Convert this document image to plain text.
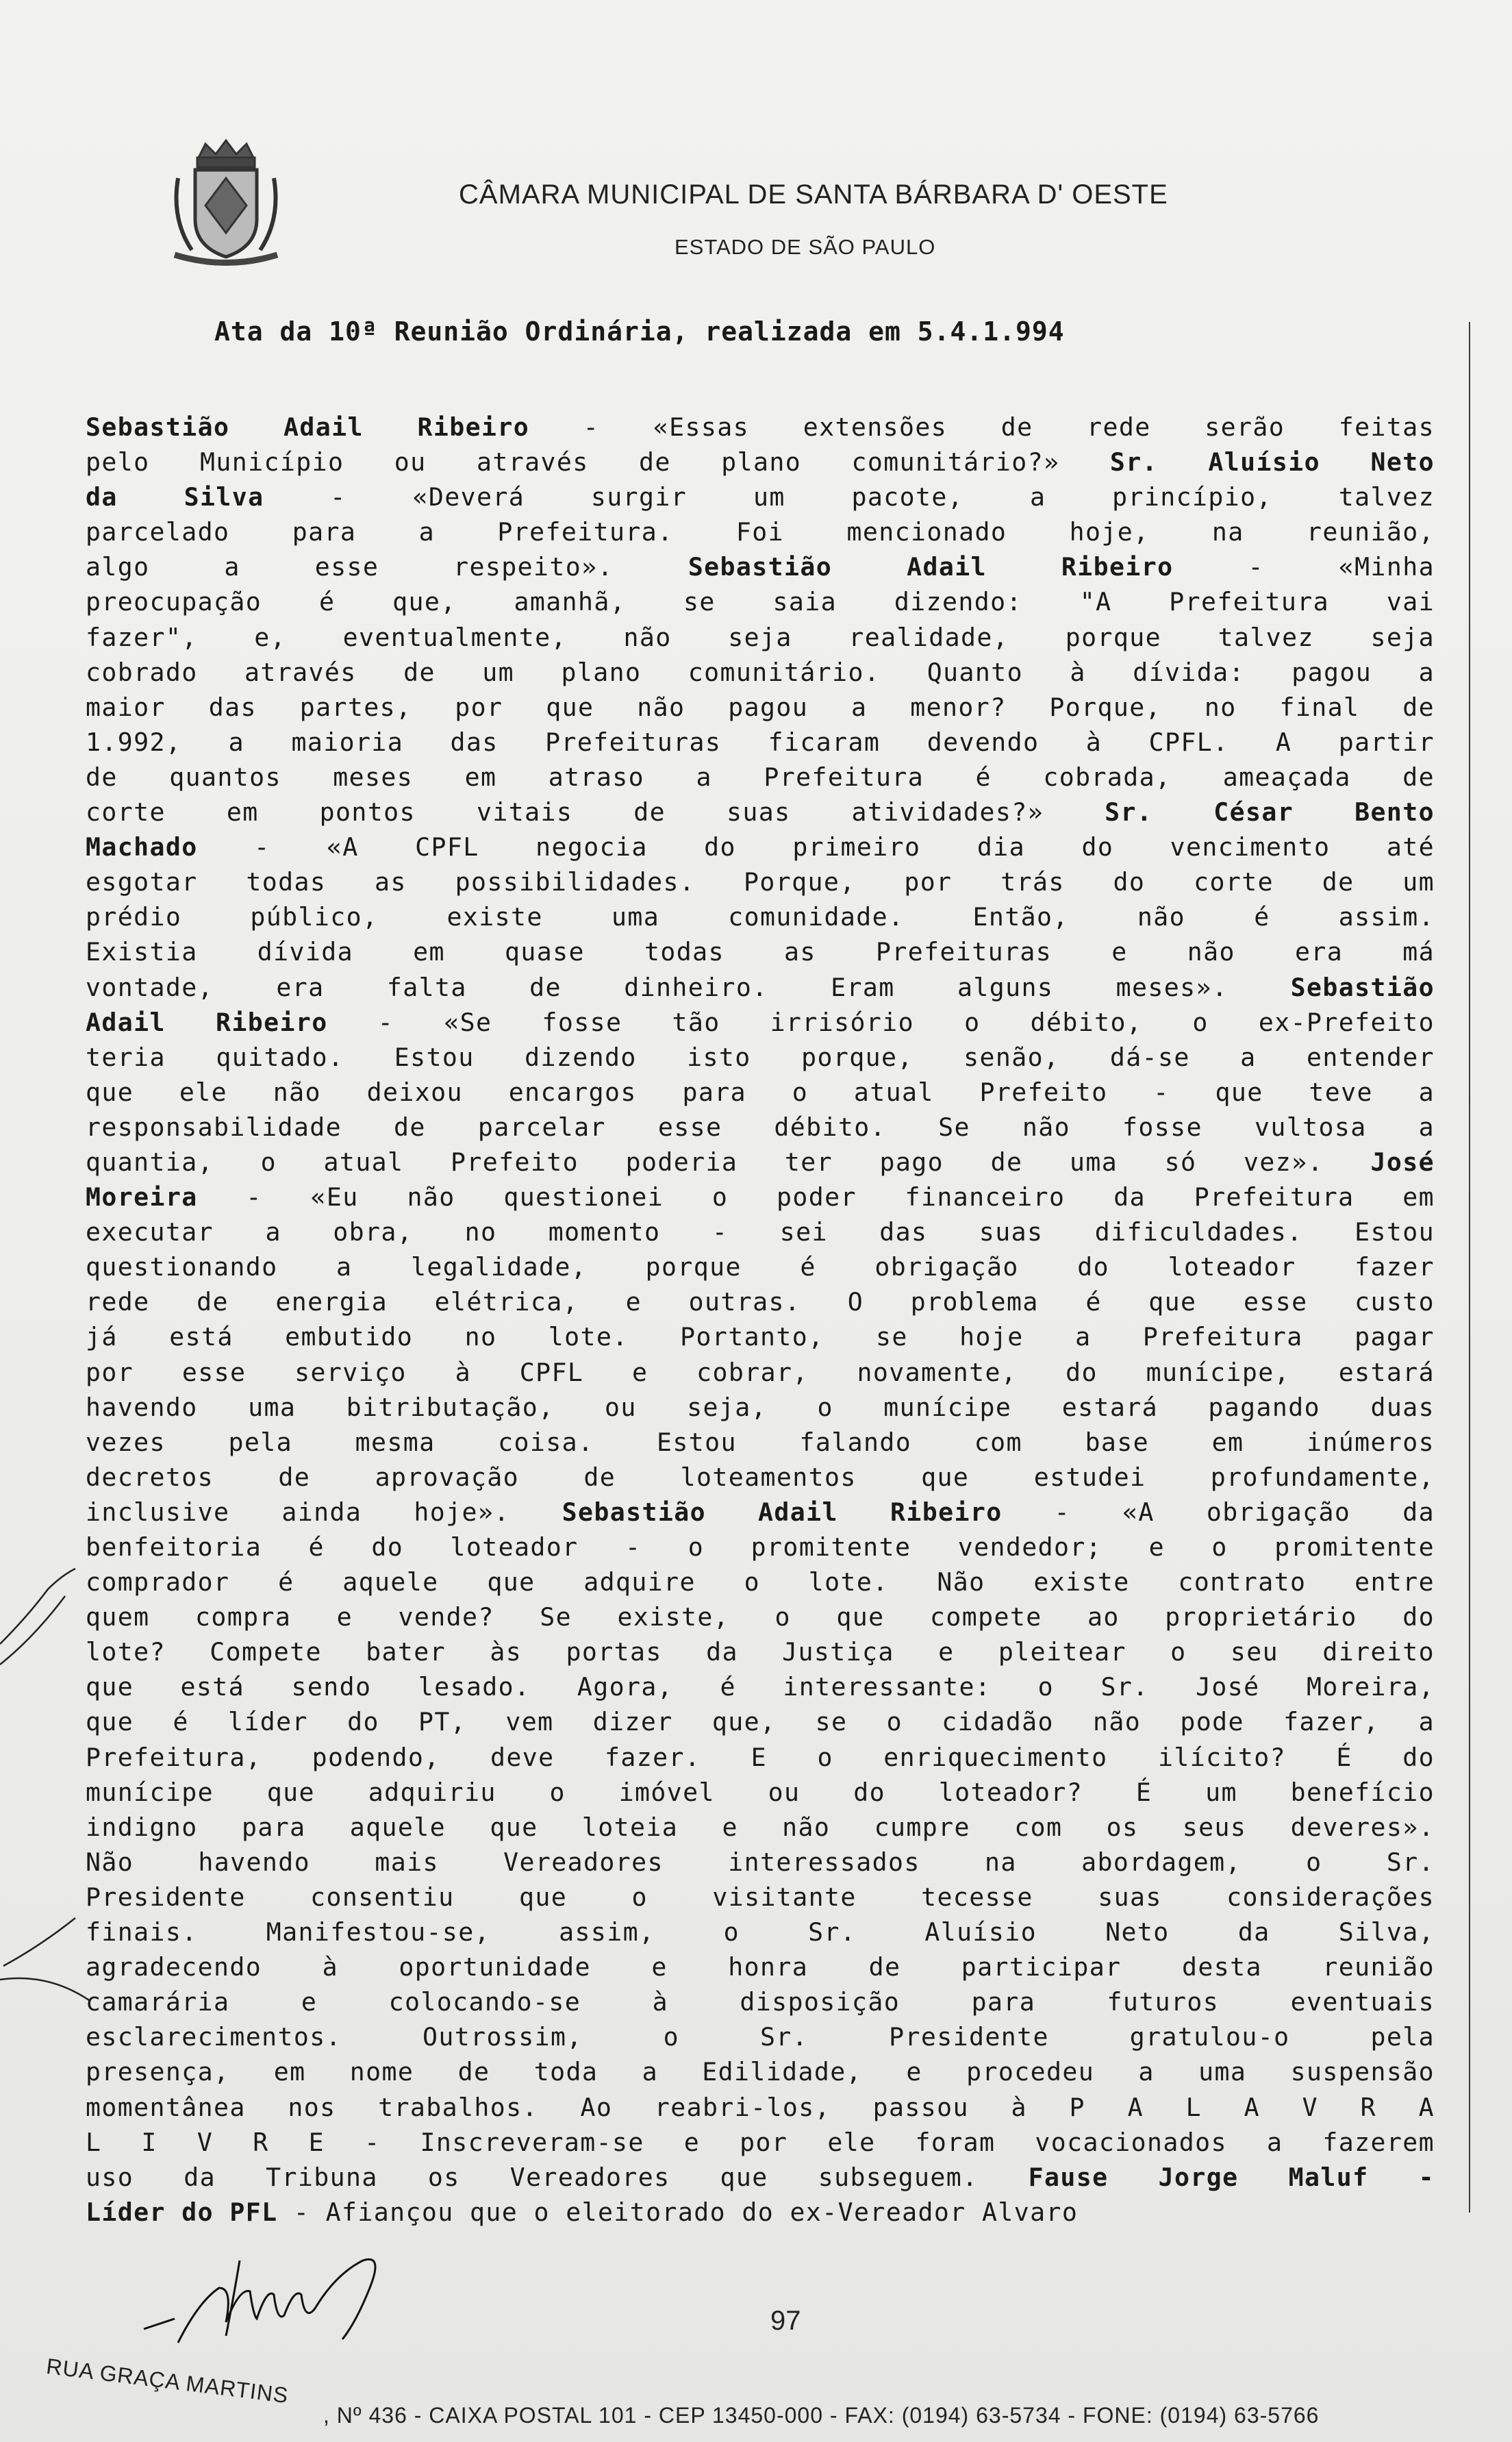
CÂMARA MUNICIPAL DE SANTA BÁRBARA D' OESTE
ESTADO DE SÃO PAULO
Ata da 10ª Reunião Ordinária, realizada em 5.4.1.994
Sebastião Adail Ribeiro - «Essas extensões de rede serão feitas
pelo Município ou através de plano comunitário?» Sr. Aluísio Neto
da Silva - «Deverá surgir um pacote, a princípio, talvez
parcelado para a Prefeitura. Foi mencionado hoje, na reunião,
algo a esse respeito». Sebastião Adail Ribeiro - «Minha
preocupação é que, amanhã, se saia dizendo: "A Prefeitura vai
fazer", e, eventualmente, não seja realidade, porque talvez seja
cobrado através de um plano comunitário. Quanto à dívida: pagou a
maior das partes, por que não pagou a menor? Porque, no final de
1.992, a maioria das Prefeituras ficaram devendo à CPFL. A partir
de quantos meses em atraso a Prefeitura é cobrada, ameaçada de
corte em pontos vitais de suas atividades?» Sr. César Bento
Machado - «A CPFL negocia do primeiro dia do vencimento até
esgotar todas as possibilidades. Porque, por trás do corte de um
prédio público, existe uma comunidade. Então, não é assim.
Existia dívida em quase todas as Prefeituras e não era má
vontade, era falta de dinheiro. Eram alguns meses». Sebastião
Adail Ribeiro - «Se fosse tão irrisório o débito, o ex-Prefeito
teria quitado. Estou dizendo isto porque, senão, dá-se a entender
que ele não deixou encargos para o atual Prefeito - que teve a
responsabilidade de parcelar esse débito. Se não fosse vultosa a
quantia, o atual Prefeito poderia ter pago de uma só vez». José
Moreira - «Eu não questionei o poder financeiro da Prefeitura em
executar a obra, no momento - sei das suas dificuldades. Estou
questionando a legalidade, porque é obrigação do loteador fazer
rede de energia elétrica, e outras. O problema é que esse custo
já está embutido no lote. Portanto, se hoje a Prefeitura pagar
por esse serviço à CPFL e cobrar, novamente, do munícipe, estará
havendo uma bitributação, ou seja, o munícipe estará pagando duas
vezes pela mesma coisa. Estou falando com base em inúmeros
decretos de aprovação de loteamentos que estudei profundamente,
inclusive ainda hoje». Sebastião Adail Ribeiro - «A obrigação da
benfeitoria é do loteador - o promitente vendedor; e o promitente
comprador é aquele que adquire o lote. Não existe contrato entre
quem compra e vende? Se existe, o que compete ao proprietário do
lote? Compete bater às portas da Justiça e pleitear o seu direito
que está sendo lesado. Agora, é interessante: o Sr. José Moreira,
que é líder do PT, vem dizer que, se o cidadão não pode fazer, a
Prefeitura, podendo, deve fazer. E o enriquecimento ilícito? É do
munícipe que adquiriu o imóvel ou do loteador? É um benefício
indigno para aquele que loteia e não cumpre com os seus deveres».
Não havendo mais Vereadores interessados na abordagem, o Sr.
Presidente consentiu que o visitante tecesse suas considerações
finais. Manifestou-se, assim, o Sr. Aluísio Neto da Silva,
agradecendo à oportunidade e honra de participar desta reunião
camarária e colocando-se à disposição para futuros eventuais
esclarecimentos. Outrossim, o Sr. Presidente gratulou-o pela
presença, em nome de toda a Edilidade, e procedeu a uma suspensão
momentânea nos trabalhos. Ao reabri-los, passou à P A L A V R A
L I V R E - Inscreveram-se e por ele foram vocacionados a fazerem
uso da Tribuna os Vereadores que subseguem. Fause Jorge Maluf -
Líder do PFL - Afiançou que o eleitorado do ex-Vereador Alvaro
97
RUA GRAÇA MARTINS
, Nº 436 - CAIXA POSTAL 101 - CEP 13450-000 - FAX: (0194) 63-5734 - FONE: (0194) 63-5766
